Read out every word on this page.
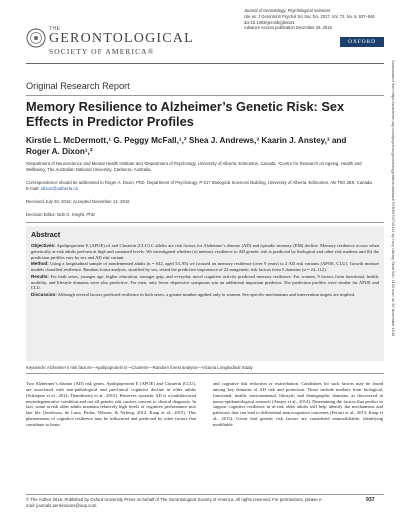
THE
GERONTOLOGICAL
SOCIETY OF AMERICA®
Journal of Gerontology: Psychological Sciences
cite as: J Gerontol B Psychol Sci Soc Sci, 2017, Vol. 72, No. 6, 937–946
doi:10.1093/geronb/gbw161
Advance Access publication December 26, 2016
OXFORD
Original Research Report
Memory Resilience to Alzheimer’s Genetic Risk: Sex Effects in Predictor Profiles
Kirstie L. McDermott,¹ G. Peggy McFall,¹,² Shea J. Andrews,³ Kaarin J. Anstey,³ and
Roger A. Dixon¹,²
¹Department of Neuroscience and Mental Health Institute and ²Department of Psychology, University of Alberta, Edmonton, Canada. ³Centre for Research on Ageing, Health and Wellbeing, The Australian National University, Canberra, Australia.
Correspondence should be addressed to Roger A. Dixon, PhD, Department of Psychology, P-217 Biological Sciences Building, University of Alberta, Edmonton, AB T6G 2E9, Canada. E-mail: rdixon@ualberta.ca
Received July 20, 2016; Accepted November 12, 2016
Decision Editor: Bob G. Knight, PhD
Abstract

Objectives: Apolipoprotein E (APOE) ε4 and Clusterin (CLU) C alleles are risk factors for Alzheimer’s disease (AD) and episodic memory (EM) decline. Memory resilience occurs when genetically at-risk adults perform at high and sustained levels. We investigated whether (a) memory resilience to AD genetic risk is predicted by biological and other risk markers and (b) the prediction profiles vary by sex and AD risk variant.

Method: Using a longitudinal sample of nondemented adults (n = 642, aged 53–95) we focused on memory resilience (over 9 years) to 2 AD risk variants (APOE, CLU). Growth mixture models classified resilience. Random forest analysis, stratified by sex, tested the predictive importance of 22 nongenetic risk factors from 5 domains (n = 24–112).

Results: For both sexes, younger age, higher education, stronger grip, and everyday novel cognitive activity predicted memory resilience. For women, 9 factors from functional, health, mobility, and lifestyle domains were also predictive. For men, only fewer depressive symptoms was an additional important predictor. The prediction profiles were similar for APOE and CLU.

Discussion: Although several factors predicted resilience in both sexes, a greater number applied only to women. Sex-specific mechanisms and intervention targets are implied.

Keywords: Alzheimer’s risk factors—Apolipoprotein E—Clusterin—Random forest analysis—Victoria Longitudinal Study

Two Alzheimer’s disease (AD) risk genes, Apolipoprotein E (APOE) and Clusterin (CLU), are associated with non-pathological and preclinical cognitive decline in older adults (Schiepers et al., 2012; Thambisetty et al., 2013). However, sporadic AD is a multifactorial neurodegenerative condition and not all genetic risk carriers convert to clinical diagnosis. In fact, some at-risk older adults maintain relatively high levels of cognitive performance into late life (Josefsson, de Luna, Pudas, Nilsson, & Nyberg, 2012; Kaup et al., 2015). This phenomenon of cognitive resilience may be influenced and predicted by other factors that contribute to brain

and cognitive risk reduction or exacerbation. Candidates for such factors may be found among key domains of AD risk and protection. These include markers from biological, functional, health, environmental, lifestyle, and demographic domains, as discovered in neuro-epidemiological research (Anstey et al., 2014). Determining the factors that predict or support cognitive resilience in at-risk older adults will help identify the mechanisms and pathways that can lead to differential neurocognitive outcomes (Ferrari et al., 2013; Kaup et al., 2015). Given that genetic risk factors are considered nonmodifiable, identifying modifiable

© The Author 2016. Published by Oxford University Press on behalf of The Gerontological Society of America. All rights reserved. For permissions, please e-mail: journals.permissions@oup.com.
937
Downloaded from https://academic.oup.com/psychsocgerontology/article-abstract/72/6/937/2740344 by Levy Library Sinai Sch. 1102 user on 20 November 2018
